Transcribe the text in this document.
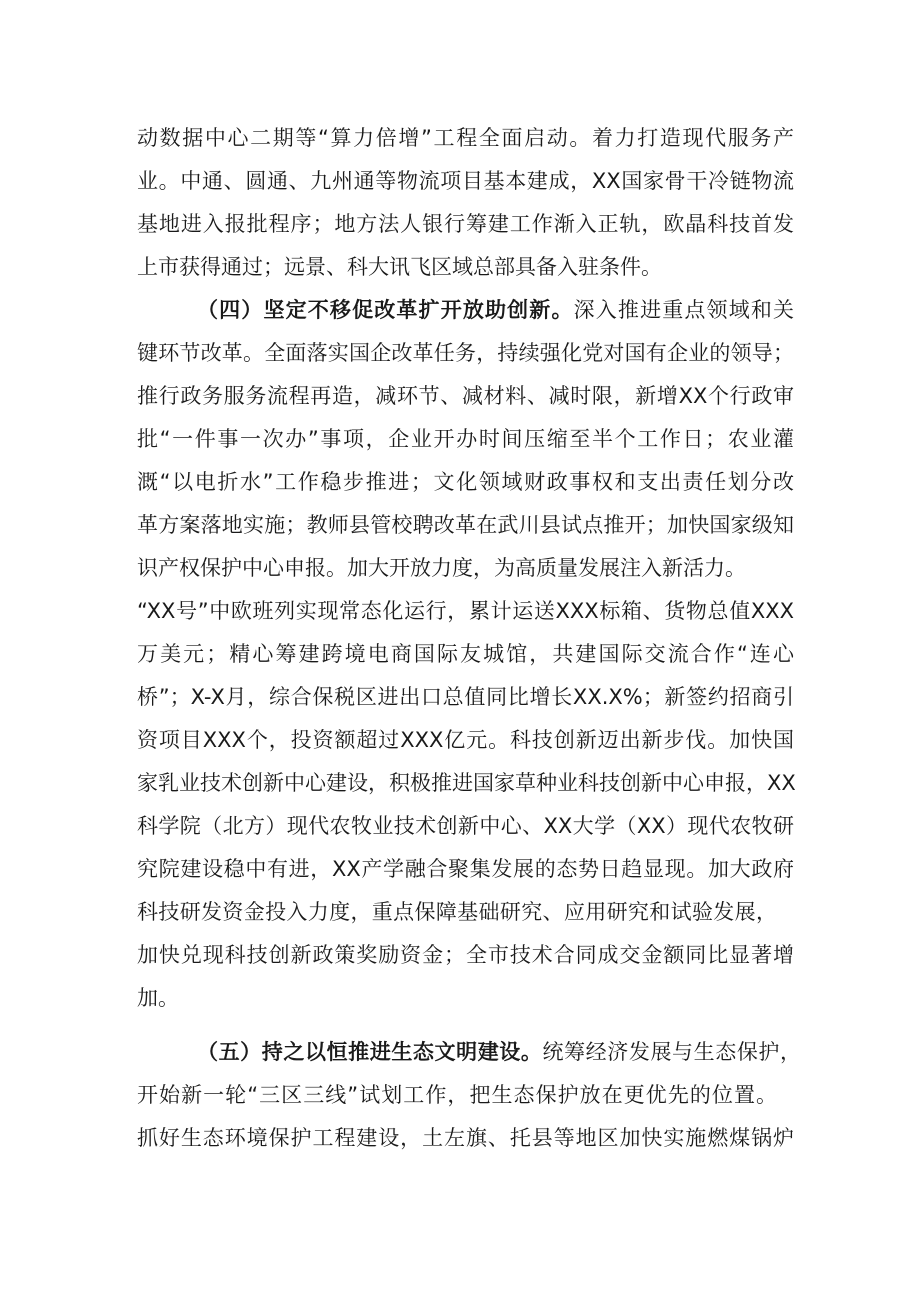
动数据中心二期等“算力倍增”工程全面启动。着力打造现代服务产
业。中通、圆通、九州通等物流项目基本建成，XX国家骨干冷链物流
基地进入报批程序；地方法人银行筹建工作渐入正轨，欧晶科技首发
上市获得通过；远景、科大讯飞区域总部具备入驻条件。
（四）坚定不移促改革扩开放助创新。深入推进重点领域和关
键环节改革。全面落实国企改革任务，持续强化党对国有企业的领导；
推行政务服务流程再造，减环节、减材料、减时限，新增XX个行政审
批“一件事一次办”事项，企业开办时间压缩至半个工作日；农业灌
溉“以电折水”工作稳步推进；文化领域财政事权和支出责任划分改
革方案落地实施；教师县管校聘改革在武川县试点推开；加快国家级知
识产权保护中心申报。加大开放力度，为高质量发展注入新活力。
“XX号”中欧班列实现常态化运行，累计运送XXX标箱、货物总值XXX
万美元；精心筹建跨境电商国际友城馆，共建国际交流合作“连心
桥”；X-X月，综合保税区进出口总值同比增长XX.X%；新签约招商引
资项目XXX个，投资额超过XXX亿元。科技创新迈出新步伐。加快国
家乳业技术创新中心建设，积极推进国家草种业科技创新中心申报，XX
科学院（北方）现代农牧业技术创新中心、XX大学（XX）现代农牧研
究院建设稳中有进，XX产学融合聚集发展的态势日趋显现。加大政府
科技研发资金投入力度，重点保障基础研究、应用研究和试验发展，
加快兑现科技创新政策奖励资金；全市技术合同成交金额同比显著增
加。
（五）持之以恒推进生态文明建设。统筹经济发展与生态保护，
开始新一轮“三区三线”试划工作，把生态保护放在更优先的位置。
抓好生态环境保护工程建设，土左旗、托县等地区加快实施燃煤锅炉
